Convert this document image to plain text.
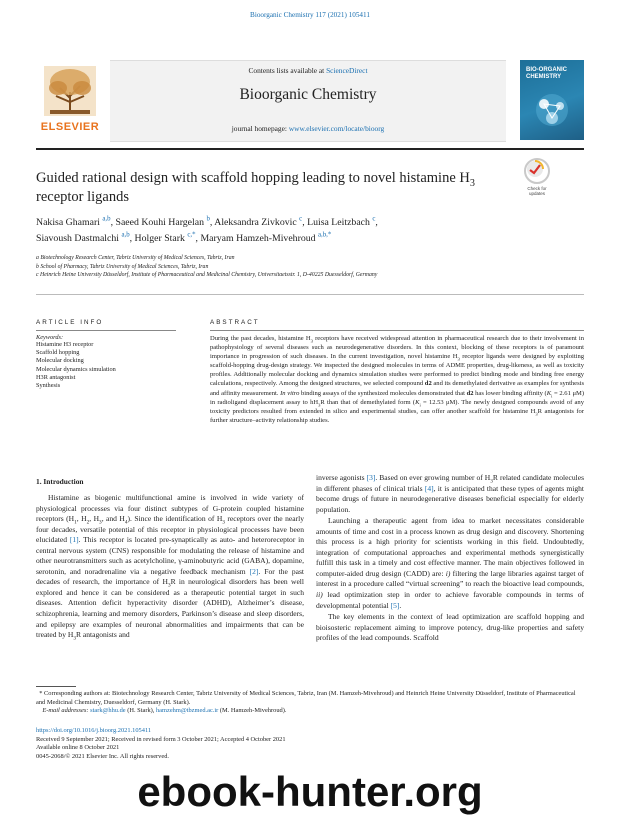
Bioorganic Chemistry 117 (2021) 105411
ELSEVIER
Contents lists available at ScienceDirect
Bioorganic Chemistry
journal homepage: www.elsevier.com/locate/bioorg
BIO-ORGANIC CHEMISTRY
Guided rational design with scaffold hopping leading to novel histamine $H_3$
receptor ligands
Check for updates
Nakisa Ghamari $^{a,b}$, Saeed Kouhi Hargelan $^b$, Aleksandra Zivkovic $^c$, Luisa Leitzbach $^c$,
Siavoush Dastmalchi $^{a,b}$, Holger Stark $^{c,*}$, Maryam Hamzeh-Mivehroud $^{a,b,*}$
a Biotechnology Research Center, Tabriz University of Medical Sciences, Tabriz, Iran
b School of Pharmacy, Tabriz University of Medical Sciences, Tabriz, Iran
c Heinrich Heine University Düsseldorf, Institute of Pharmaceutical and Medicinal Chemistry, Universitaetsstr. 1, D-40225 Duesseldorf, Germany
ARTICLE INFO
Keywords:
Histamine H3 receptor
Scaffold hopping
Molecular docking
Molecular dynamics simulation
H3R antagonist
Synthesis
ABSTRACT
During the past decades, histamine $H_3$ receptors have received widespread attention in pharmaceutical research due to their involvement in pathophysiology of several diseases such as neurodegenerative disorders. In this context, blocking of these receptors is of paramount importance in progression of such diseases. In the current investigation, novel histamine $H_3$ receptor ligands were designed by exploiting scaffold-hopping drug-design strategy. We inspected the designed molecules in terms of ADME properties, drug-likeness, as well as toxicity profiles. Additionally molecular docking and dynamics simulation studies were performed to predict binding mode and binding free energy calculations, respectively. Among the designed structures, we selected compound d2 and its demethylated derivative as examples for synthesis and affinity measurement. In vitro binding assays of the synthesized molecules demonstrated that d2 has lower binding affinity ($K_i = 2.61$ μM) in radioligand displacement assay to $hH_3R$ than that of demethylated form ($K_i = 12.53$ μM). The newly designed compounds avoid of any toxicity predictors resulted from extended in silico and experimental studies, can offer another scaffold for histamine $H_3R$ antagonists for further structure–activity relationship studies.
1. Introduction

Histamine as biogenic multifunctional amine is involved in wide variety of physiological processes via four distinct subtypes of G-protein coupled histamine receptors ($H_1$, $H_2$, $H_3$, and $H_4$). Since the identification of $H_3$ receptors over the nearly four decades, versatile potential of this receptor in physiological processes have been elucidated [1]. This receptor is located pre-synaptically as auto- and heteroreceptor in central nervous system (CNS) responsible for modulating the release of histamine and other neurotransmitters such as acetylcholine, γ-aminobutyric acid (GABA), dopamine, serotonin, and noradrenaline via a negative feedback mechanism [2]. For the past decades of research, the importance of $H_3R$ in neurological disorders has been well explored and hence it can be considered as a therapeutic potential target in such diseases. Attention deficit hyperactivity disorder (ADHD), Alzheimer’s disease, schizophrenia, learning and memory disorders, Parkinson’s disease and sleep disorders, and epilepsy are examples of neuronal abnormalities and impairments that can be treated by $H_3R$ antagonists and

inverse agonists [3]. Based on ever growing number of $H_3R$ related candidate molecules in different phases of clinical trials [4], it is anticipated that these types of agents might become drugs of future in neurodegenerative diseases beneficial especially for elderly population.

Launching a therapeutic agent from idea to market necessitates considerable amounts of time and cost in a process known as drug design and discovery. Shortening this process is a high priority for scientists working in this field. Undoubtedly, integration of computational approaches and experimental methods synergistically fulfill this task in a timely and cost effective manner. The main objectives followed in computer-aided drug design (CADD) are: i) filtering the large libraries against target of interest in a procedure called “virtual screening” to reach the bioactive lead compounds, ii) lead optimization step in order to achieve favorable compounds in terms of developmental potential [5].

The key elements in the context of lead optimization are scaffold hopping and bioisosteric replacement aiming to improve potency, drug-like properties and safety profiles of the lead compounds. Scaffold

* Corresponding authors at: Biotechnology Research Center, Tabriz University of Medical Sciences, Tabriz, Iran (M. Hamzeh-Mivehroud) and Heinrich Heine University Düsseldorf, Institute of Pharmaceutical and Medicinal Chemistry, Duesseldorf, Germany (H. Stark).
E-mail addresses: stark@hhu.de (H. Stark), hamzehm@tbzmed.ac.ir (M. Hamzeh-Mivehroud).
https://doi.org/10.1016/j.bioorg.2021.105411
Received 9 September 2021; Received in revised form 3 October 2021; Accepted 4 October 2021
Available online 8 October 2021
0045-2068/© 2021 Elsevier Inc. All rights reserved.
ebook-hunter.org
